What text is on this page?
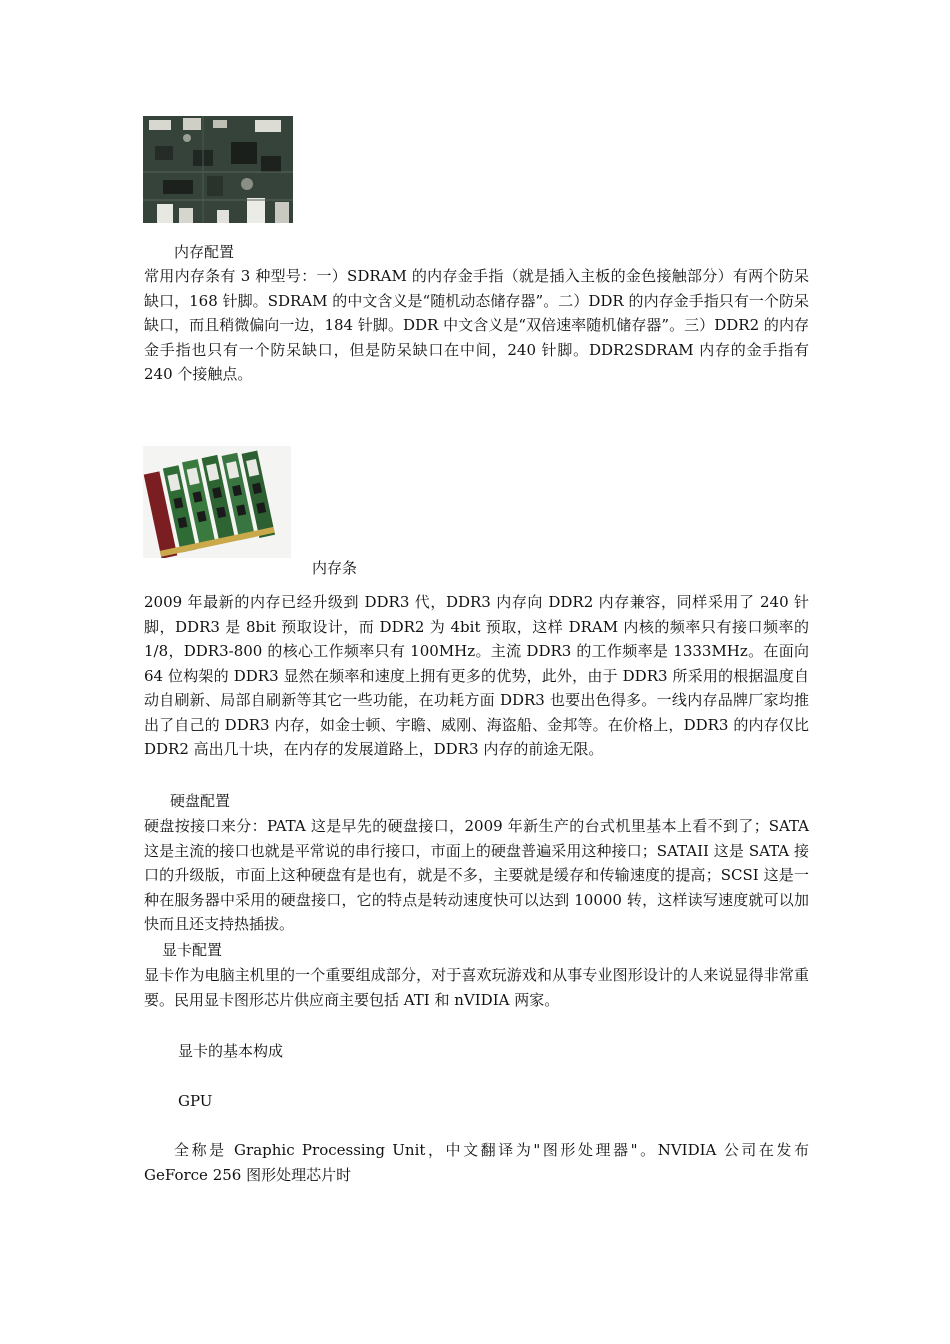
内存配置

常用内存条有 3 种型号：一）SDRAM 的内存金手指（就是插入主板的金色接触部分）有两个防呆缺口，168 针脚。SDRAM 的中文含义是“随机动态储存器”。二）DDR 的内存金手指只有一个防呆缺口，而且稍微偏向一边，184 针脚。DDR 中文含义是“双倍速率随机储存器”。三）DDR2 的内存金手指也只有一个防呆缺口，但是防呆缺口在中间，240 针脚。DDR2SDRAM 内存的金手指有 240 个接触点。

内存条

2009 年最新的内存已经升级到 DDR3 代，DDR3 内存向 DDR2 内存兼容，同样采用了 240 针脚，DDR3 是 8bit 预取设计，而 DDR2 为 4bit 预取，这样 DRAM 内核的频率只有接口频率的 1/8，DDR3-800 的核心工作频率只有 100MHz。主流 DDR3 的工作频率是 1333MHz。在面向 64 位构架的 DDR3 显然在频率和速度上拥有更多的优势，此外，由于 DDR3 所采用的根据温度自动自刷新、局部自刷新等其它一些功能，在功耗方面 DDR3 也要出色得多。一线内存品牌厂家均推出了自己的 DDR3 内存，如金士顿、宇瞻、威刚、海盗船、金邦等。在价格上，DDR3 的内存仅比 DDR2 高出几十块，在内存的发展道路上，DDR3 内存的前途无限。

硬盘配置

硬盘按接口来分：PATA 这是早先的硬盘接口，2009 年新生产的台式机里基本上看不到了；SATA 这是主流的接口也就是平常说的串行接口，市面上的硬盘普遍采用这种接口；SATAII 这是 SATA 接口的升级版，市面上这种硬盘有是也有，就是不多，主要就是缓存和传输速度的提高；SCSI 这是一种在服务器中采用的硬盘接口，它的特点是转动速度快可以达到 10000 转，这样读写速度就可以加快而且还支持热插拔。

显卡配置

显卡作为电脑主机里的一个重要组成部分，对于喜欢玩游戏和从事专业图形设计的人来说显得非常重要。民用显卡图形芯片供应商主要包括 ATI 和 nVIDIA 两家。

显卡的基本构成

GPU

全称是 Graphic Processing Unit，中文翻译为"图形处理器"。NVIDIA 公司在发布 GeForce 256 图形处理芯片时
